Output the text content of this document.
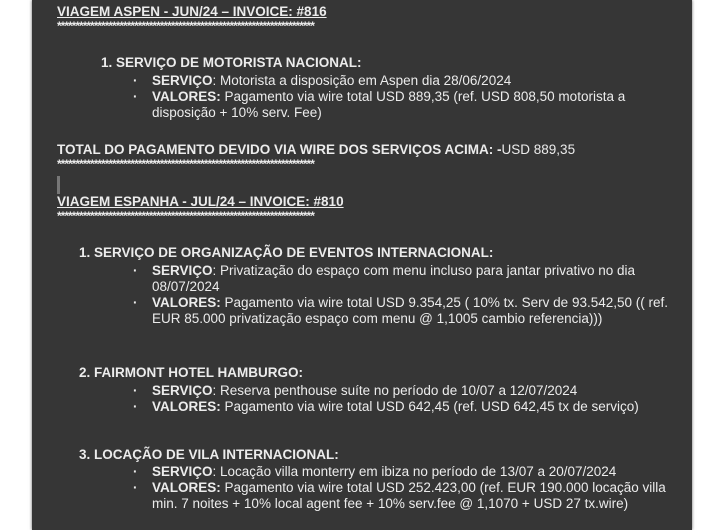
VIAGEM ASPEN - JUN/24 – INVOICE: #816
**********************************************************************
1. SERVIÇO DE MOTORISTA NACIONAL:
·	SERVIÇO: Motorista a disposição em Aspen dia 28/06/2024
·	VALORES: Pagamento via wire total USD 889,35 (ref. USD 808,50 motorista a disposição + 10% serv. Fee)
TOTAL DO PAGAMENTO DEVIDO VIA WIRE DOS SERVIÇOS ACIMA: -USD 889,35
**********************************************************************
VIAGEM ESPANHA - JUL/24 – INVOICE: #810
**********************************************************************
1. SERVIÇO DE ORGANIZAÇÃO DE EVENTOS INTERNACIONAL:
·	SERVIÇO: Privatização do espaço com menu incluso para jantar privativo no dia 08/07/2024
·	VALORES: Pagamento via wire total USD 9.354,25 ( 10% tx. Serv de 93.542,50 (( ref. EUR 85.000 privatização espaço com menu @ 1,1005 cambio referencia)))
2. FAIRMONT HOTEL HAMBURGO:
·	SERVIÇO: Reserva penthouse suíte no período de 10/07 a 12/07/2024
·	VALORES: Pagamento via wire total USD 642,45 (ref. USD 642,45 tx de serviço)
3. LOCAÇÃO DE VILA INTERNACIONAL:
·	SERVIÇO: Locação villa monterry em ibiza no período de 13/07 a 20/07/2024
·	VALORES: Pagamento via wire total USD 252.423,00 (ref. EUR 190.000 locação villa min. 7 noites + 10% local agent fee + 10% serv.fee @ 1,1070 + USD 27 tx.wire)
